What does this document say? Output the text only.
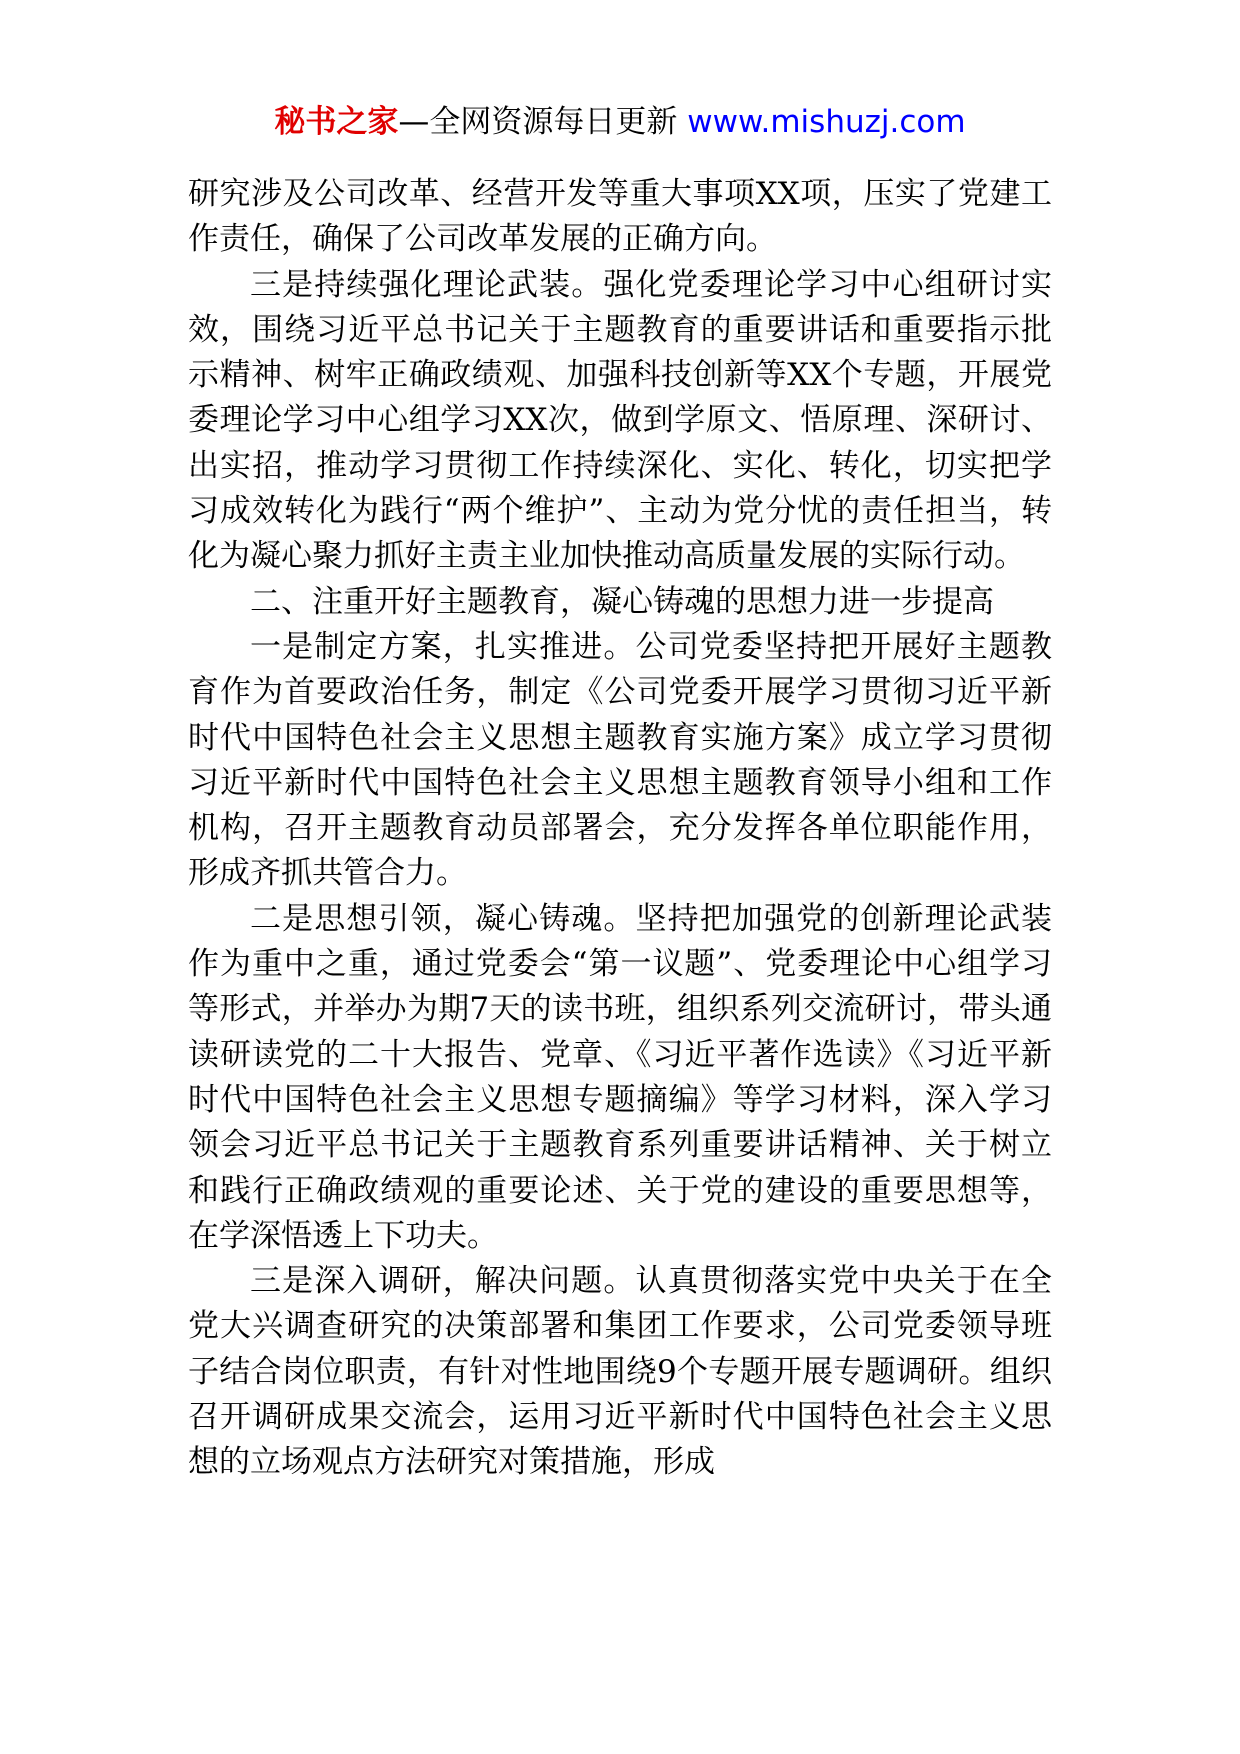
秘书之家—全网资源每日更新 www.mishuzj.com

研究涉及公司改革、经营开发等重大事项XX项，压实了党建工作责任，确保了公司改革发展的正确方向。

三是持续强化理论武装。强化党委理论学习中心组研讨实效，围绕习近平总书记关于主题教育的重要讲话和重要指示批示精神、树牢正确政绩观、加强科技创新等XX个专题，开展党委理论学习中心组学习XX次，做到学原文、悟原理、深研讨、出实招，推动学习贯彻工作持续深化、实化、转化，切实把学习成效转化为践行“两个维护”、主动为党分忧的责任担当，转化为凝心聚力抓好主责主业加快推动高质量发展的实际行动。

二、注重开好主题教育，凝心铸魂的思想力进一步提高

一是制定方案，扎实推进。公司党委坚持把开展好主题教育作为首要政治任务，制定《公司党委开展学习贯彻习近平新时代中国特色社会主义思想主题教育实施方案》成立学习贯彻习近平新时代中国特色社会主义思想主题教育领导小组和工作机构，召开主题教育动员部署会，充分发挥各单位职能作用，形成齐抓共管合力。

二是思想引领，凝心铸魂。坚持把加强党的创新理论武装作为重中之重，通过党委会“第一议题”、党委理论中心组学习等形式，并举办为期7天的读书班，组织系列交流研讨，带头通读研读党的二十大报告、党章、《习近平著作选读》《习近平新时代中国特色社会主义思想专题摘编》等学习材料，深入学习领会习近平总书记关于主题教育系列重要讲话精神、关于树立和践行正确政绩观的重要论述、关于党的建设的重要思想等，在学深悟透上下功夫。

三是深入调研，解决问题。认真贯彻落实党中央关于在全党大兴调查研究的决策部署和集团工作要求，公司党委领导班子结合岗位职责，有针对性地围绕9个专题开展专题调研。组织召开调研成果交流会，运用习近平新时代中国特色社会主义思想的立场观点方法研究对策措施，形成
